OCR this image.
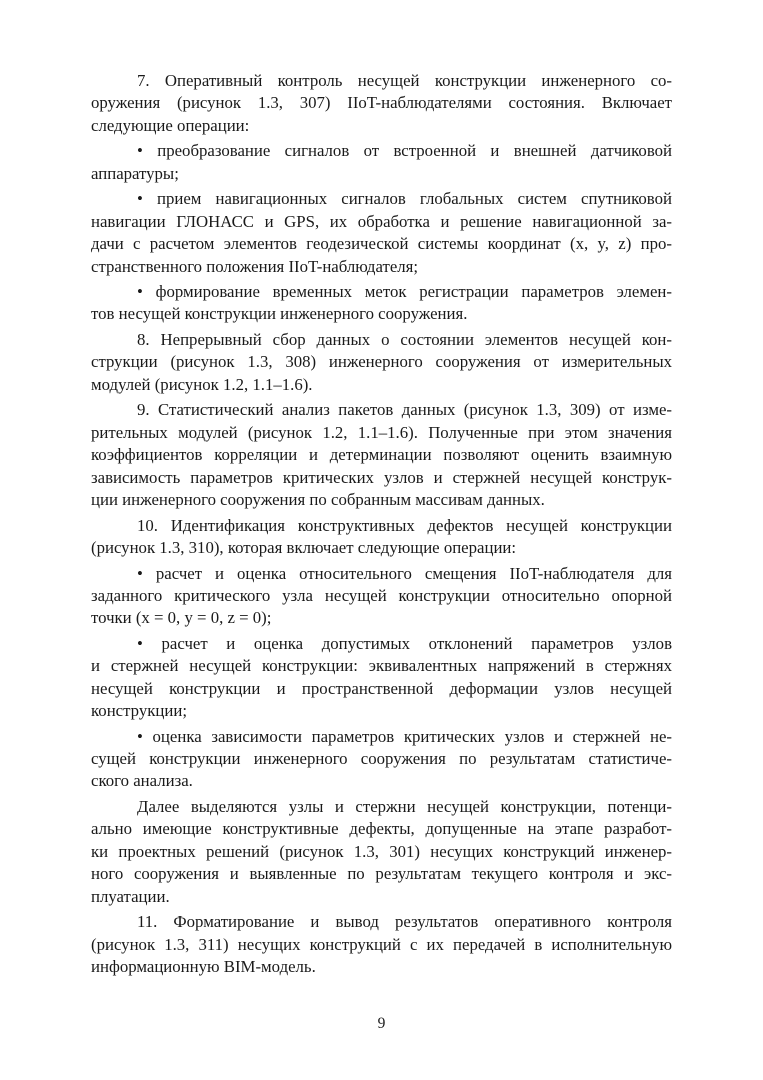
7. Оперативный контроль несущей конструкции инженерного со-
оружения (рисунок 1.3, 307) IIoT-наблюдателями состояния. Включает
следующие операции:
• преобразование сигналов от встроенной и внешней датчиковой
аппаратуры;
• прием навигационных сигналов глобальных систем спутниковой
навигации ГЛОНАСС и GPS, их обработка и решение навигационной за-
дачи с расчетом элементов геодезической системы координат (x, y, z) про-
странственного положения IIoT-наблюдателя;
• формирование временных меток регистрации параметров элемен-
тов несущей конструкции инженерного сооружения.
8. Непрерывный сбор данных о состоянии элементов несущей кон-
струкции (рисунок 1.3, 308) инженерного сооружения от измерительных
модулей (рисунок 1.2, 1.1–1.6).
9. Статистический анализ пакетов данных (рисунок 1.3, 309) от изме-
рительных модулей (рисунок 1.2, 1.1–1.6). Полученные при этом значения
коэффициентов корреляции и детерминации позволяют оценить взаимную
зависимость параметров критических узлов и стержней несущей конструк-
ции инженерного сооружения по собранным массивам данных.
10. Идентификация конструктивных дефектов несущей конструкции
(рисунок 1.3, 310), которая включает следующие операции:
• расчет и оценка относительного смещения IIoT-наблюдателя для
заданного критического узла несущей конструкции относительно опорной
точки (x = 0, y = 0, z = 0);
• расчет и оценка допустимых отклонений параметров узлов
и стержней несущей конструкции: эквивалентных напряжений в стержнях
несущей конструкции и пространственной деформации узлов несущей
конструкции;
• оценка зависимости параметров критических узлов и стержней не-
сущей конструкции инженерного сооружения по результатам статистиче-
ского анализа.
Далее выделяются узлы и стержни несущей конструкции, потенци-
ально имеющие конструктивные дефекты, допущенные на этапе разработ-
ки проектных решений (рисунок 1.3, 301) несущих конструкций инженер-
ного сооружения и выявленные по результатам текущего контроля и экс-
плуатации.
11. Форматирование и вывод результатов оперативного контроля
(рисунок 1.3, 311) несущих конструкций с их передачей в исполнительную
информационную BIM-модель.
9
